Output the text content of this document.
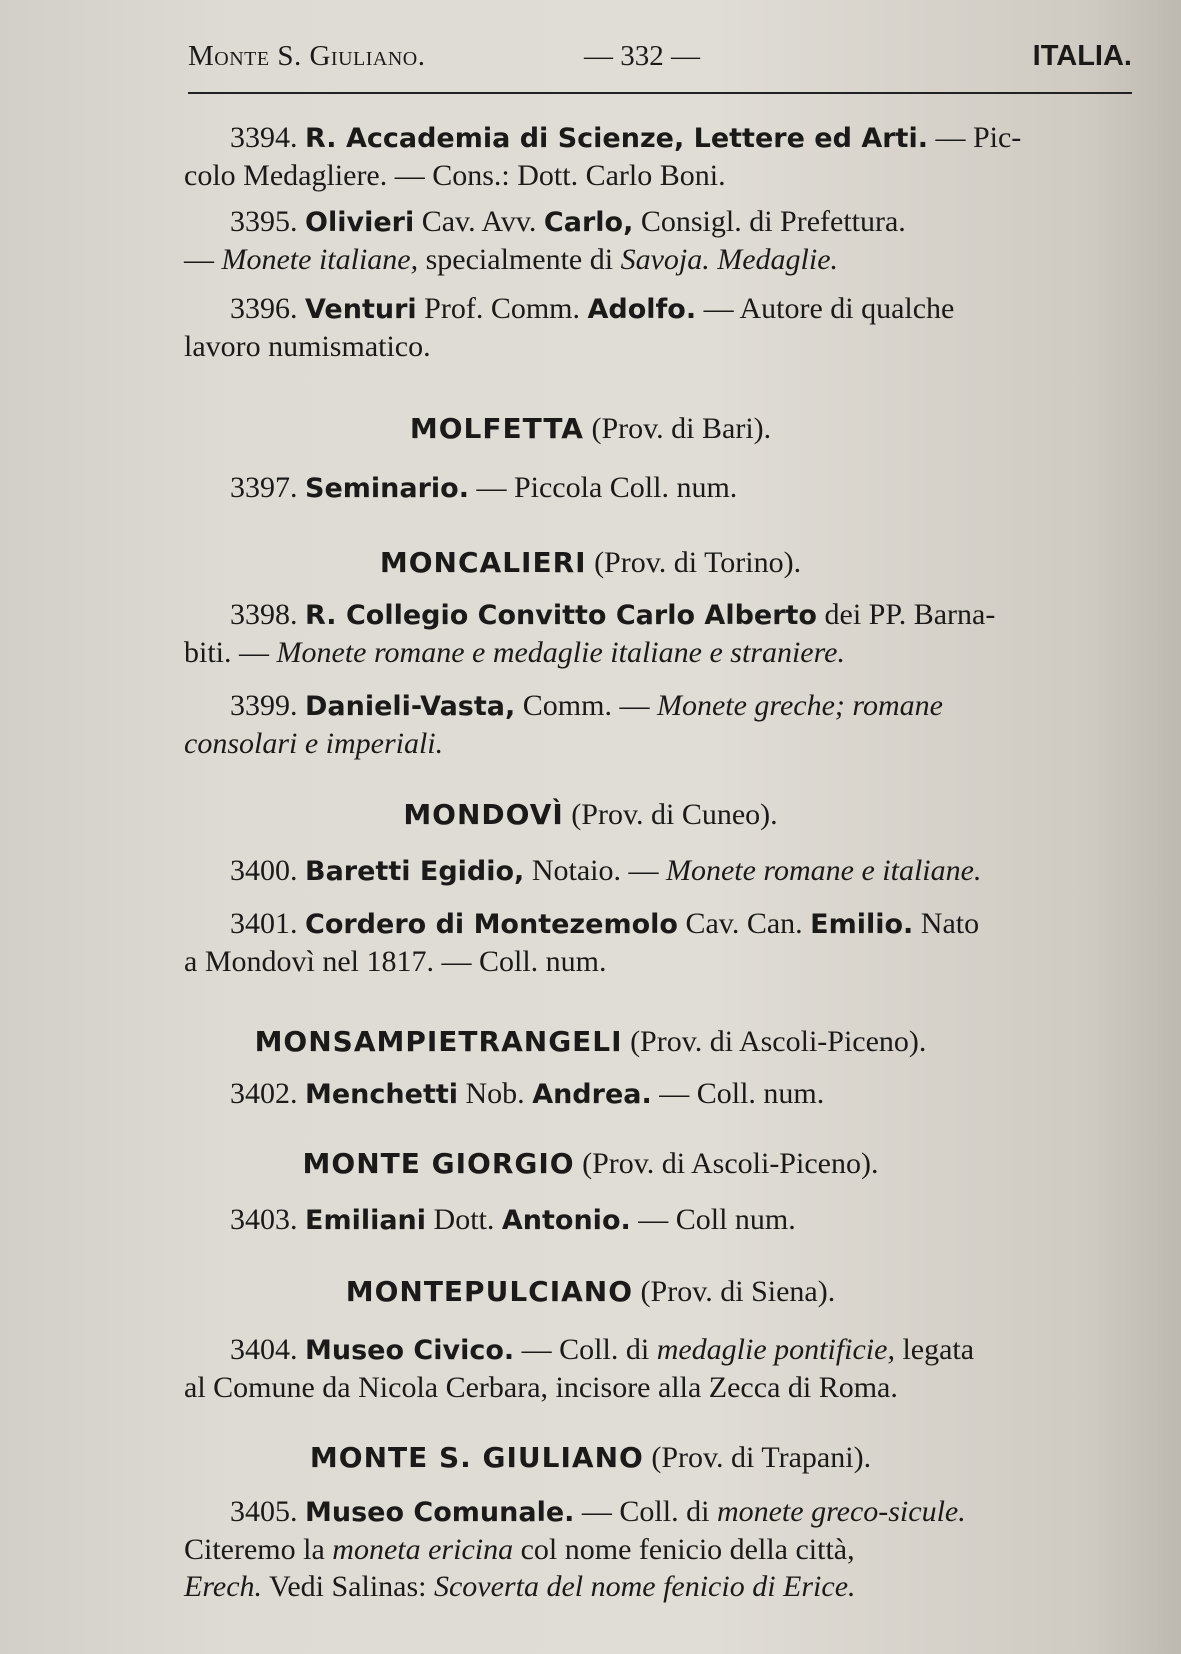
Monte S. Giuliano.	— 332 —	ITALIA.
3394. R. Accademia di Scienze, Lettere ed Arti. — Pic-
colo Medagliere. — Cons.: Dott. Carlo Boni.
3395. Olivieri Cav. Avv. Carlo, Consigl. di Prefettura.
— Monete italiane, specialmente di Savoja. Medaglie.
3396. Venturi Prof. Comm. Adolfo. — Autore di qualche
lavoro numismatico.
MOLFETTA (Prov. di Bari).
3397. Seminario. — Piccola Coll. num.
MONCALIERI (Prov. di Torino).
3398. R. Collegio Convitto Carlo Alberto dei PP. Barna-
biti. — Monete romane e medaglie italiane e straniere.
3399. Danieli-Vasta, Comm. — Monete greche; romane
consolari e imperiali.
MONDOVÌ (Prov. di Cuneo).
3400. Baretti Egidio, Notaio. — Monete romane e italiane.
3401. Cordero di Montezemolo Cav. Can. Emilio. Nato
a Mondovì nel 1817. — Coll. num.
MONSAMPIETRANGELI (Prov. di Ascoli-Piceno).
3402. Menchetti Nob. Andrea. — Coll. num.
MONTE GIORGIO (Prov. di Ascoli-Piceno).
3403. Emiliani Dott. Antonio. — Coll num.
MONTEPULCIANO (Prov. di Siena).
3404. Museo Civico. — Coll. di medaglie pontificie, legata
al Comune da Nicola Cerbara, incisore alla Zecca di Roma.
MONTE S. GIULIANO (Prov. di Trapani).
3405. Museo Comunale. — Coll. di monete greco-sicule.
Citeremo la moneta ericina col nome fenicio della città,
Erech. Vedi Salinas: Scoverta del nome fenicio di Erice.
